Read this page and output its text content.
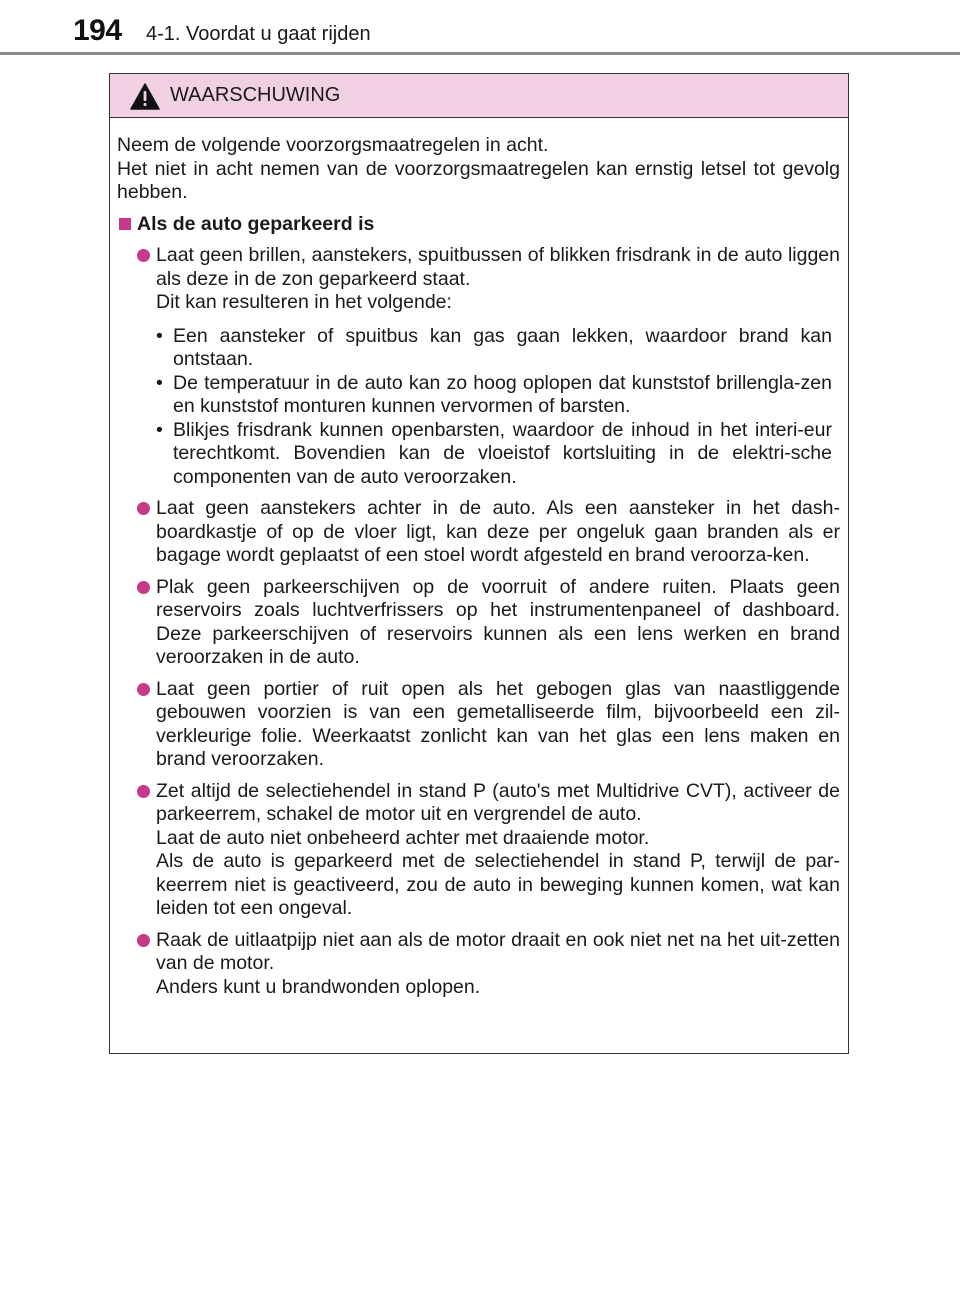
194 4-1. Voordat u gaat rijden
WAARSCHUWING

Neem de volgende voorzorgsmaatregelen in acht.

Het niet in acht nemen van de voorzorgsmaatregelen kan ernstig letsel tot gevolg hebben.

Als de auto geparkeerd is

Laat geen brillen, aanstekers, spuitbussen of blikken frisdrank in de auto liggen als deze in de zon geparkeerd staat.

Dit kan resulteren in het volgende:

• Een aansteker of spuitbus kan gas gaan lekken, waardoor brand kan ontstaan.
• De temperatuur in de auto kan zo hoog oplopen dat kunststof brillengla-zen en kunststof monturen kunnen vervormen of barsten.
• Blikjes frisdrank kunnen openbarsten, waardoor de inhoud in het interi-eur terechtkomt. Bovendien kan de vloeistof kortsluiting in de elektri-sche componenten van de auto veroorzaken.

Laat geen aanstekers achter in de auto. Als een aansteker in het dash-boardkastje of op de vloer ligt, kan deze per ongeluk gaan branden als er bagage wordt geplaatst of een stoel wordt afgesteld en brand veroorza-ken.

Plak geen parkeerschijven op de voorruit of andere ruiten. Plaats geen reservoirs zoals luchtverfrissers op het instrumentenpaneel of dashboard. Deze parkeerschijven of reservoirs kunnen als een lens werken en brand veroorzaken in de auto.

Laat geen portier of ruit open als het gebogen glas van naastliggende gebouwen voorzien is van een gemetalliseerde film, bijvoorbeeld een zil-verkleurige folie. Weerkaatst zonlicht kan van het glas een lens maken en brand veroorzaken.

Zet altijd de selectiehendel in stand P (auto's met Multidrive CVT), activeer de parkeerrem, schakel de motor uit en vergrendel de auto.

Laat de auto niet onbeheerd achter met draaiende motor.

Als de auto is geparkeerd met de selectiehendel in stand P, terwijl de par-keerrem niet is geactiveerd, zou de auto in beweging kunnen komen, wat kan leiden tot een ongeval.

Raak de uitlaatpijp niet aan als de motor draait en ook niet net na het uit-zetten van de motor.

Anders kunt u brandwonden oplopen.
